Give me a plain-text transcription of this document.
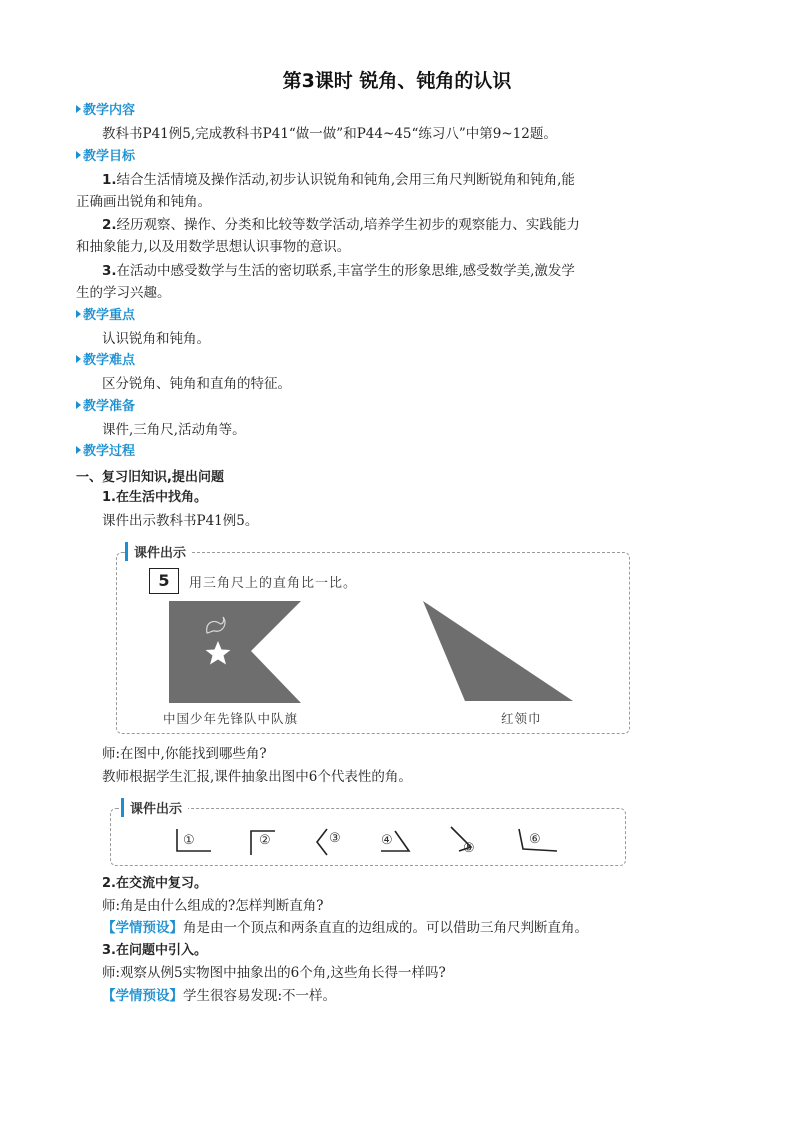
第3课时 锐角、钝角的认识
教学内容
教科书P41例5,完成教科书P41“做一做”和P44~45“练习八”中第9~12题。
教学目标
1.结合生活情境及操作活动,初步认识锐角和钝角,会用三角尺判断锐角和钝角,能
正确画出锐角和钝角。
2.经历观察、操作、分类和比较等数学活动,培养学生初步的观察能力、实践能力
和抽象能力,以及用数学思想认识事物的意识。
3.在活动中感受数学与生活的密切联系,丰富学生的形象思维,感受数学美,激发学
生的学习兴趣。
教学重点
认识锐角和钝角。
教学难点
区分锐角、钝角和直角的特征。
教学准备
课件,三角尺,活动角等。
教学过程
一、复习旧知识,提出问题
1.在生活中找角。
课件出示教科书P41例5。
课件出示
5	用三角尺上的直角比一比。
中国少年先锋队中队旗	红领巾
师:在图中,你能找到哪些角?
教师根据学生汇报,课件抽象出图中6个代表性的角。
课件出示
①	②	③	④
⑤
⑥
2.在交流中复习。
师:角是由什么组成的?怎样判断直角?
【学情预设】角是由一个顶点和两条直直的边组成的。可以借助三角尺判断直角。
3.在问题中引入。
师:观察从例5实物图中抽象出的6个角,这些角长得一样吗?
【学情预设】学生很容易发现:不一样。
